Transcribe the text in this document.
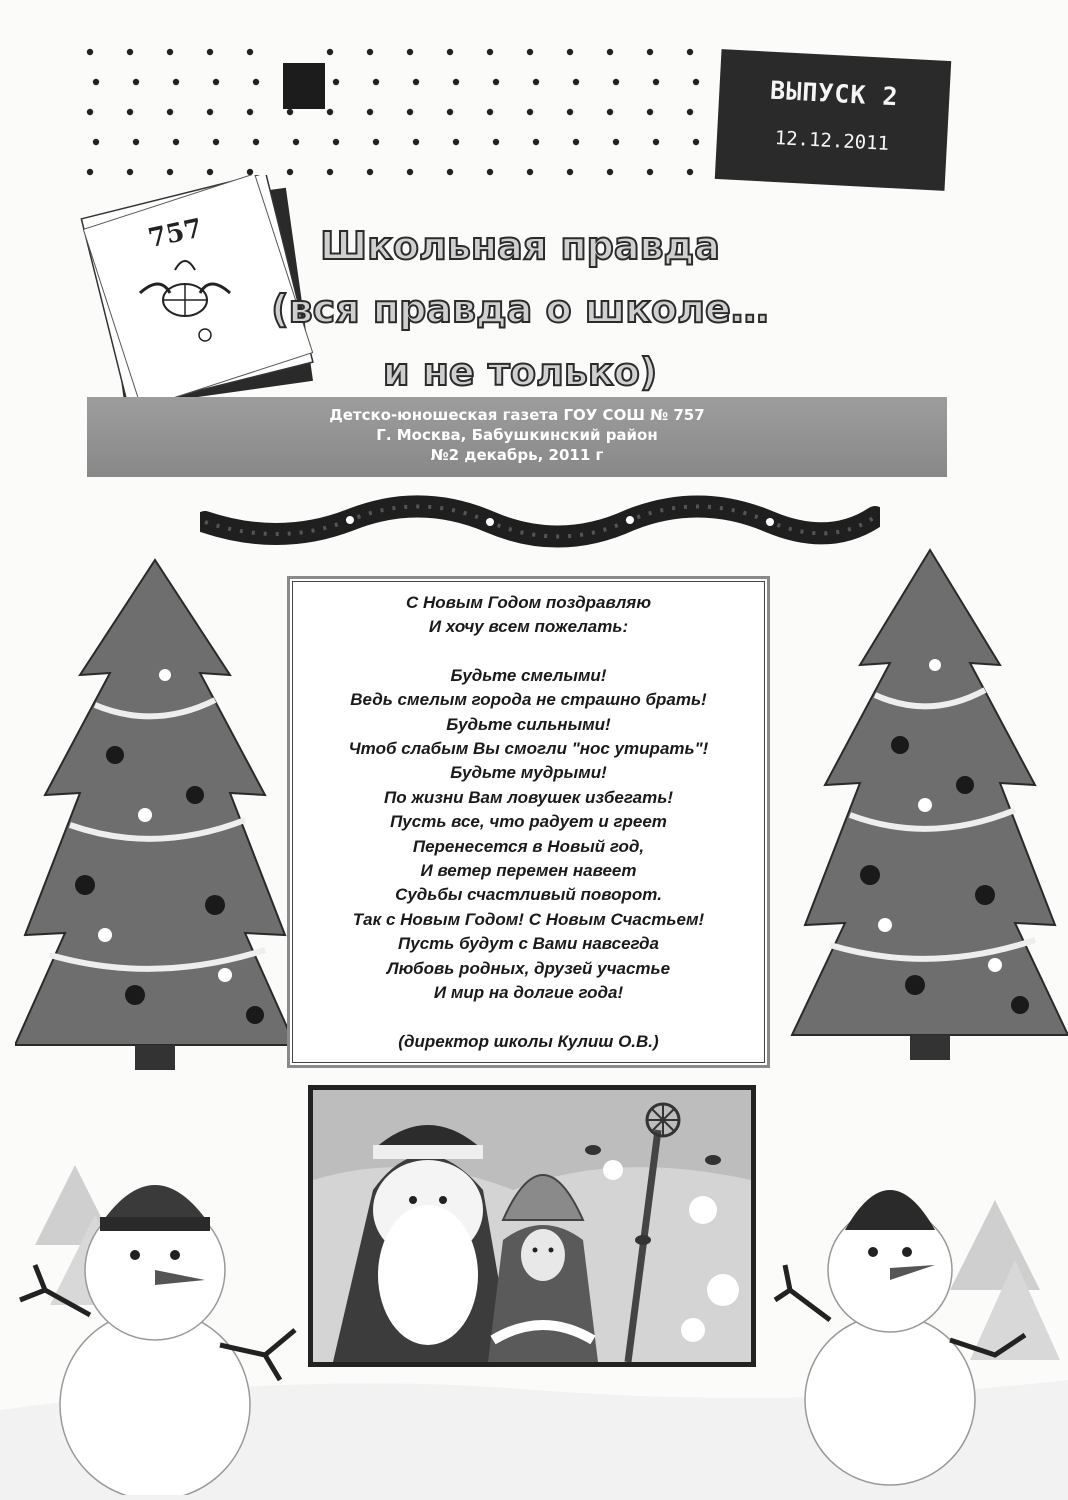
ВЫПУСК 2
12.12.2011
757	Школьная правда
(вся правда о школе…
и не только)
Детско-юношеская газета ГОУ СОШ № 757
Г. Москва, Бабушкинский район
№2 декабрь, 2011 г
С Новым Годом поздравляю
И хочу всем пожелать:
Будьте смелыми!
Ведь смелым города не страшно брать!
Будьте сильными!
Чтоб слабым Вы смогли "нос утирать"!
Будьте мудрыми!
По жизни Вам ловушек избегать!
Пусть все, что радует и греет
Перенесется в Новый год,
И ветер перемен навеет
Судьбы счастливый поворот.
Так с Новым Годом! С Новым Счастьем!
Пусть будут с Вами навсегда
Любовь родных, друзей участье
И мир на долгие года!
(директор школы Кулиш О.В.)
